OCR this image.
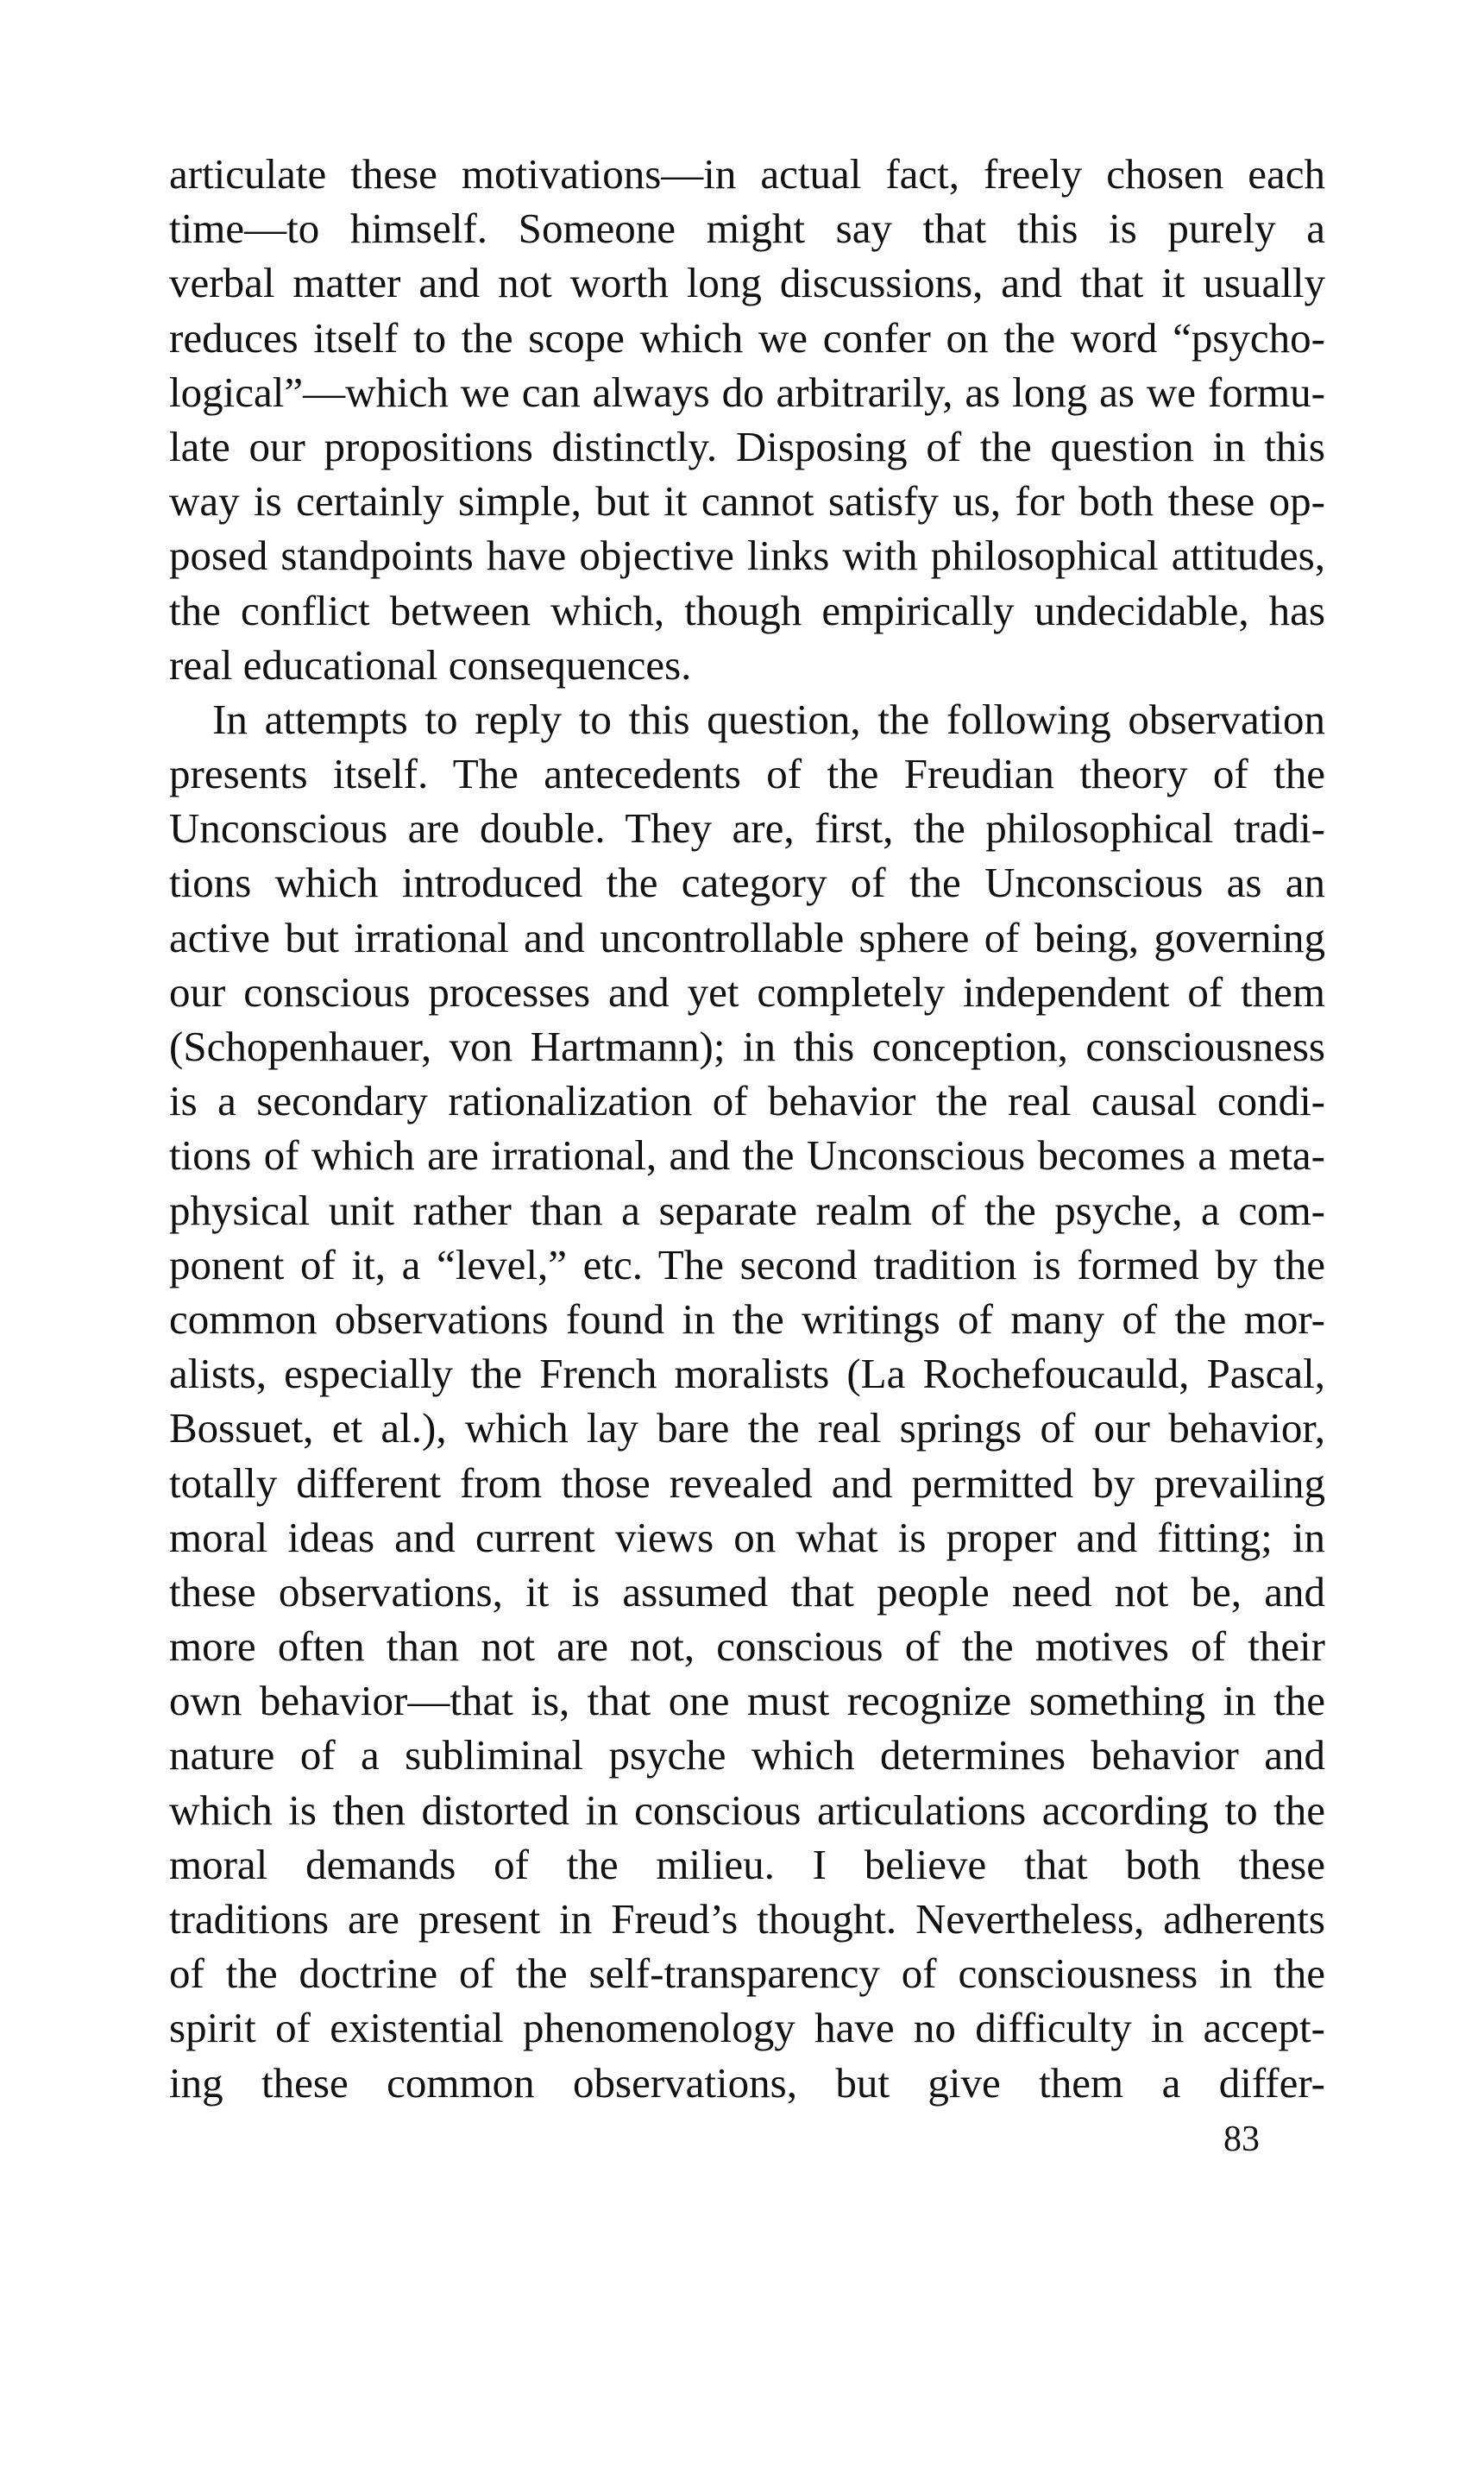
articulate these motivations—in actual fact, freely chosen each
time—to himself. Someone might say that this is purely a
verbal matter and not worth long discussions, and that it usually
reduces itself to the scope which we confer on the word “psycho-
logical”—which we can always do arbitrarily, as long as we formu-
late our propositions distinctly. Disposing of the question in this
way is certainly simple, but it cannot satisfy us, for both these op-
posed standpoints have objective links with philosophical attitudes,
the conflict between which, though empirically undecidable, has
real educational consequences.
In attempts to reply to this question, the following observation
presents itself. The antecedents of the Freudian theory of the
Unconscious are double. They are, first, the philosophical tradi-
tions which introduced the category of the Unconscious as an
active but irrational and uncontrollable sphere of being, governing
our conscious processes and yet completely independent of them
(Schopenhauer, von Hartmann); in this conception, consciousness
is a secondary rationalization of behavior the real causal condi-
tions of which are irrational, and the Unconscious becomes a meta-
physical unit rather than a separate realm of the psyche, a com-
ponent of it, a “level,” etc. The second tradition is formed by the
common observations found in the writings of many of the mor-
alists, especially the French moralists (La Rochefoucauld, Pascal,
Bossuet, et al.), which lay bare the real springs of our behavior,
totally different from those revealed and permitted by prevailing
moral ideas and current views on what is proper and fitting; in
these observations, it is assumed that people need not be, and
more often than not are not, conscious of the motives of their
own behavior—that is, that one must recognize something in the
nature of a subliminal psyche which determines behavior and
which is then distorted in conscious articulations according to the
moral demands of the milieu. I believe that both these
traditions are present in Freud’s thought. Nevertheless, adherents
of the doctrine of the self-transparency of consciousness in the
spirit of existential phenomenology have no difficulty in accept-
ing these common observations, but give them a differ-
83
